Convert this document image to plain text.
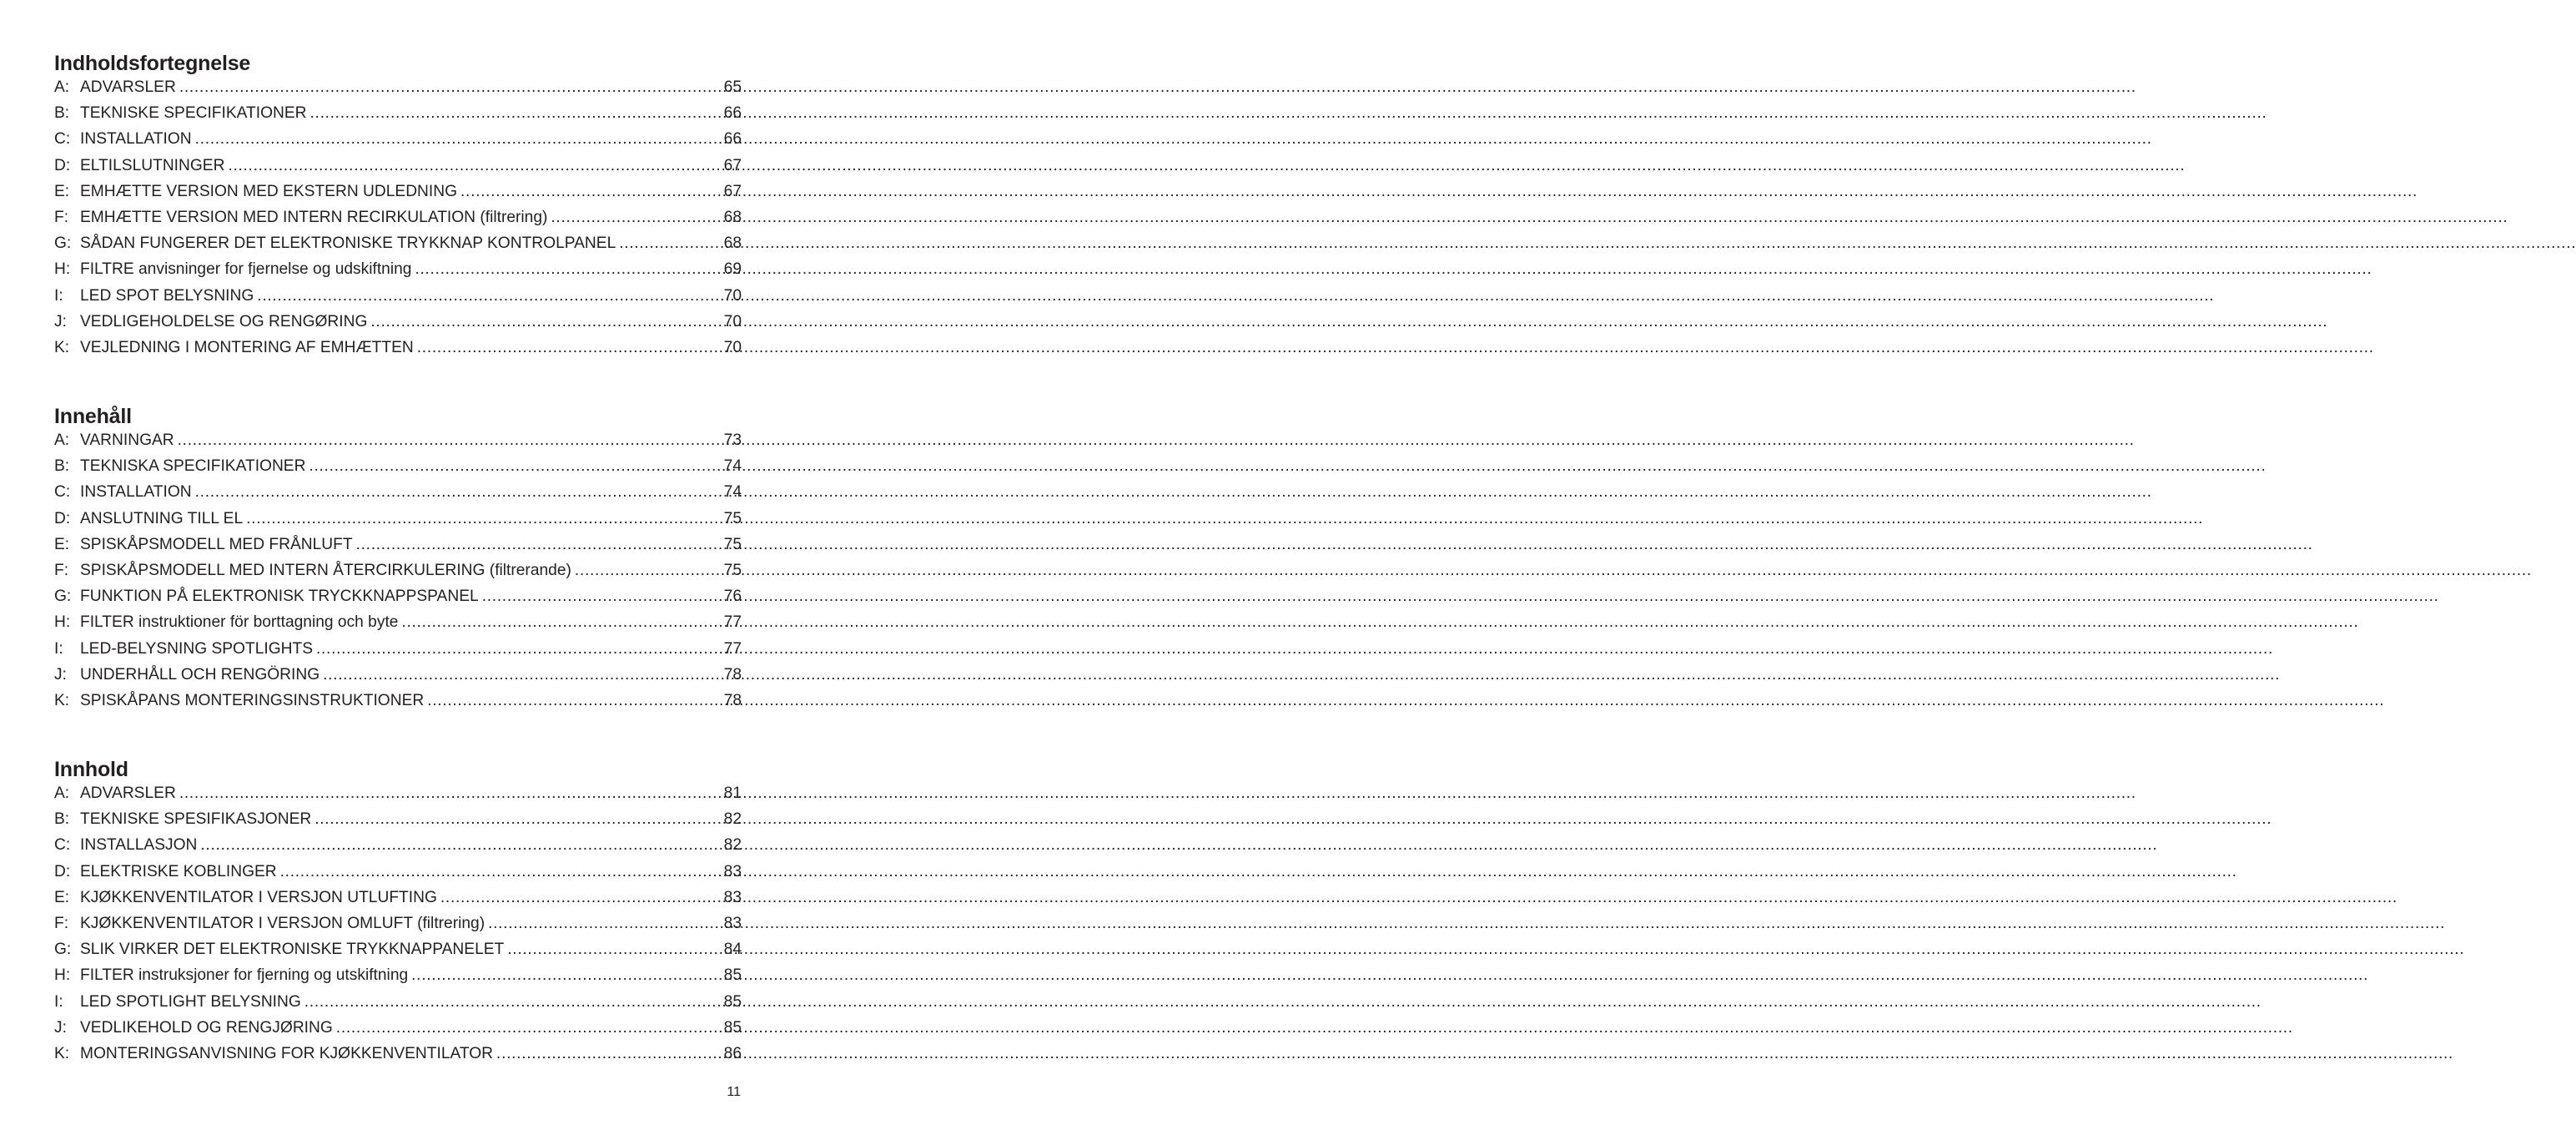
Indholdsfortegnelse
A: ADVARSLER .....	65
B: TEKNISKE SPECIFIKATIONER .....	66
C: INSTALLATION .....	66
D: ELTILSLUTNINGER .....	67
E: EMHÆTTE VERSION MED EKSTERN UDLEDNING .....	67
F: EMHÆTTE VERSION MED INTERN RECIRKULATION (filtrering) .....	68
G: SÅDAN FUNGERER DET ELEKTRONISKE TRYKKNAP KONTROLPANEL .....	68
H: FILTRE anvisninger for fjernelse og udskiftning .....	69
I:	LED SPOT BELYSNING .....	70
J: VEDLIGEHOLDELSE OG RENGØRING .....	70
K: VEJLEDNING I MONTERING AF EMHÆTTEN .....	70
Innehåll
A: VARNINGAR .....	73
B: TEKNISKA SPECIFIKATIONER .....	74
C: INSTALLATION .....	74
D: ANSLUTNING TILL EL .....	75
E: SPISKÅPSMODELL MED FRÅNLUFT .....	75
F: SPISKÅPSMODELL MED INTERN ÅTERCIRKULERING (filtrerande) .....	75
G: FUNKTION PÅ ELEKTRONISK TRYCKKNAPPSPANEL .....	76
H: FILTER instruktioner för borttagning och byte .....	77
I:	LED-BELYSNING SPOTLIGHTS .....	77
J: UNDERHÅLL OCH RENGÖRING .....	78
K: SPISKÅPANS MONTERINGSINSTRUKTIONER .....	78
Innhold
A: ADVARSLER .....	81
B: TEKNISKE SPESIFIKASJONER .....	82
C: INSTALLASJON .....	82
D: ELEKTRISKE KOBLINGER .....	83
E: KJØKKENVENTILATOR I VERSJON UTLUFTING .....	83
F: KJØKKENVENTILATOR I VERSJON OMLUFT (filtrering) .....	83
G: SLIK VIRKER DET ELEKTRONISKE TRYKKNAPPANELET .....	84
H: FILTER instruksjoner for fjerning og utskiftning .....	85
I:	LED SPOTLIGHT BELYSNING .....	85
J: VEDLIKEHOLD OG RENGJØRING .....	85
K: MONTERINGSANVISNING FOR KJØKKENVENTILATOR .....	86
11
